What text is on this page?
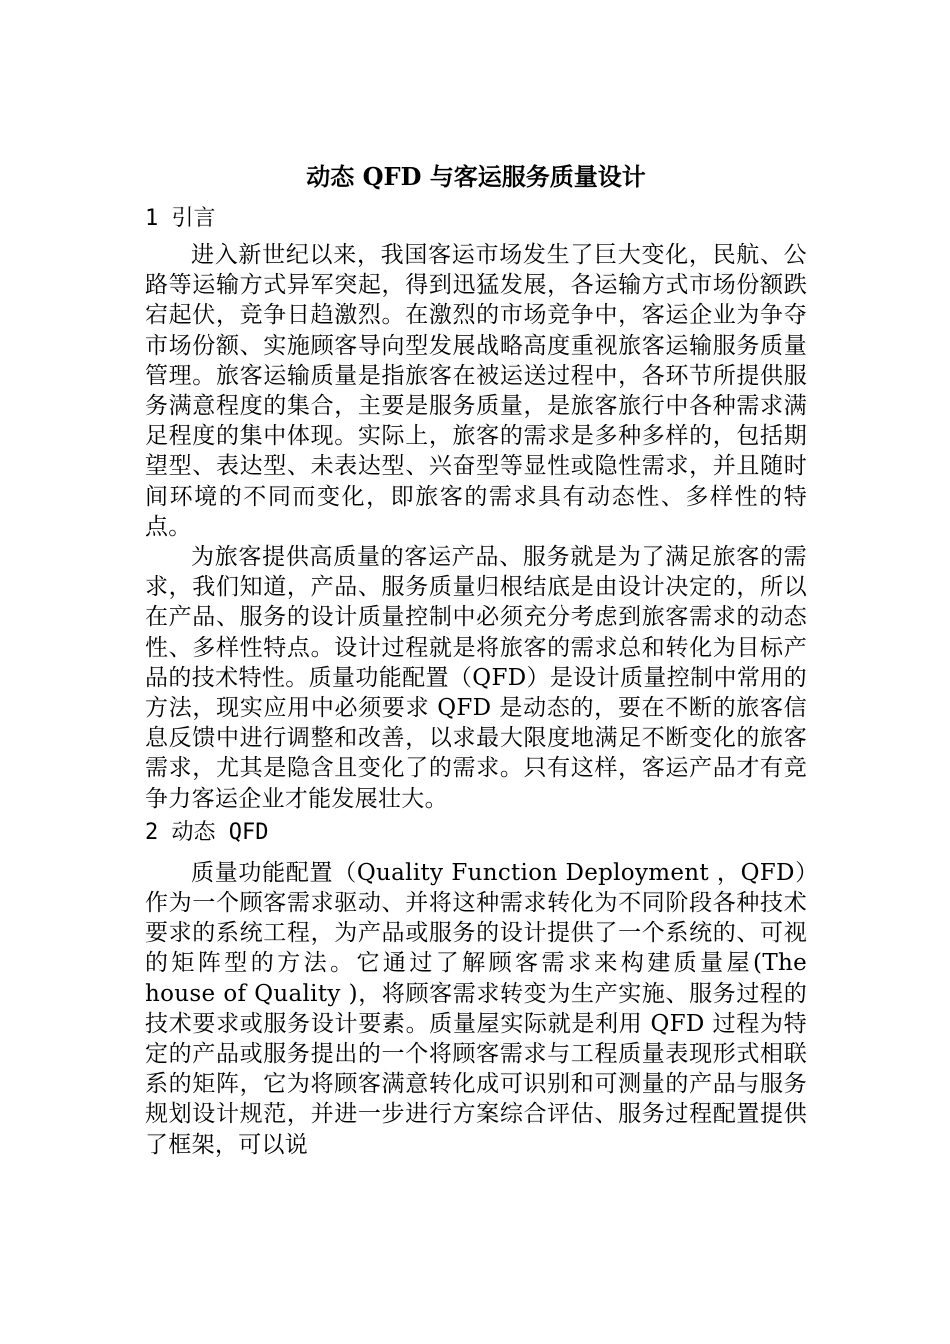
动态 QFD 与客运服务质量设计
1 引言

进入新世纪以来，我国客运市场发生了巨大变化，民航、公路等运输方式异军突起，得到迅猛发展，各运输方式市场份额跌宕起伏，竞争日趋激烈。在激烈的市场竞争中，客运企业为争夺市场份额、实施顾客导向型发展战略高度重视旅客运输服务质量管理。旅客运输质量是指旅客在被运送过程中，各环节所提供服务满意程度的集合，主要是服务质量，是旅客旅行中各种需求满足程度的集中体现。实际上，旅客的需求是多种多样的，包括期望型、表达型、未表达型、兴奋型等显性或隐性需求，并且随时间环境的不同而变化，即旅客的需求具有动态性、多样性的特点。

为旅客提供高质量的客运产品、服务就是为了满足旅客的需求，我们知道，产品、服务质量归根结底是由设计决定的，所以在产品、服务的设计质量控制中必须充分考虑到旅客需求的动态性、多样性特点。设计过程就是将旅客的需求总和转化为目标产品的技术特性。质量功能配置（QFD）是设计质量控制中常用的方法，现实应用中必须要求 QFD 是动态的，要在不断的旅客信息反馈中进行调整和改善，以求最大限度地满足不断变化的旅客需求，尤其是隐含且变化了的需求。只有这样，客运产品才有竞争力客运企业才能发展壮大。

2 动态 QFD

质量功能配置（Quality Function Deployment ，QFD）作为一个顾客需求驱动、并将这种需求转化为不同阶段各种技术要求的系统工程，为产品或服务的设计提供了一个系统的、可视的矩阵型的方法。它通过了解顾客需求来构建质量屋(The house of Quality )，将顾客需求转变为生产实施、服务过程的技术要求或服务设计要素。质量屋实际就是利用 QFD 过程为特定的产品或服务提出的一个将顾客需求与工程质量表现形式相联系的矩阵，它为将顾客满意转化成可识别和可测量的产品与服务规划设计规范，并进一步进行方案综合评估、服务过程配置提供了框架，可以说
